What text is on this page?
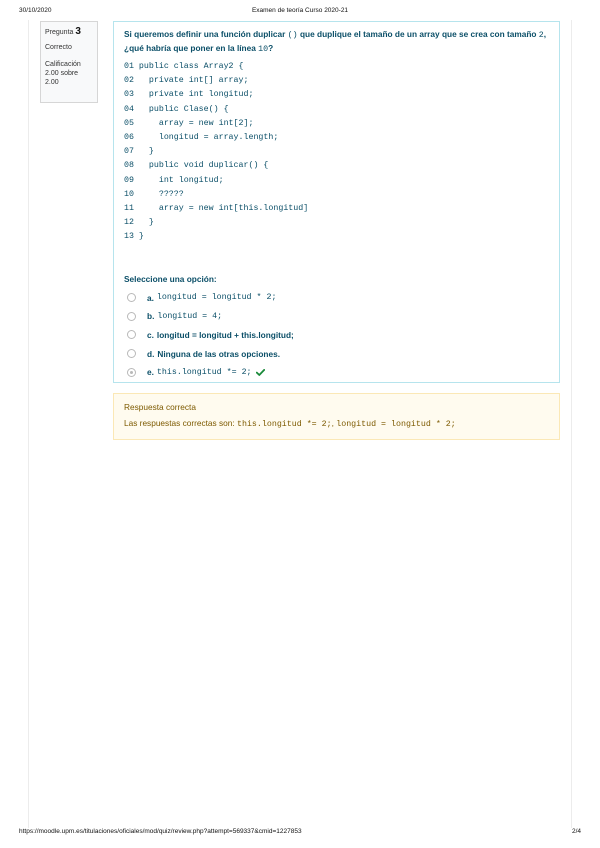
30/10/2020	Examen de teoría Curso 2020-21
Pregunta 3
Correcto
Calificación
2.00 sobre 2.00
Si queremos definir una función duplicar () que duplique el tamaño de un array que se crea con tamaño 2, ¿qué habría que poner en la línea 10?
01 public class Array2 {
02   private int[] array;
03   private int longitud;
04   public Clase() {
05     array = new int[2];
06     longitud = array.length;
07   }
08   public void duplicar() {
09     int longitud;
10     ?????
11     array = new int[this.longitud]
12   }
13 }
Seleccione una opción:
a. longitud = longitud * 2;
b. longitud = 4;
c. longitud = longitud + this.longitud;
d. Ninguna de las otras opciones.
e. this.longitud *= 2;
Respuesta correcta
Las respuestas correctas son: this.longitud *= 2;, longitud = longitud * 2;
https://moodle.upm.es/titulaciones/oficiales/mod/quiz/review.php?attempt=569337&cmid=1227853	2/4
